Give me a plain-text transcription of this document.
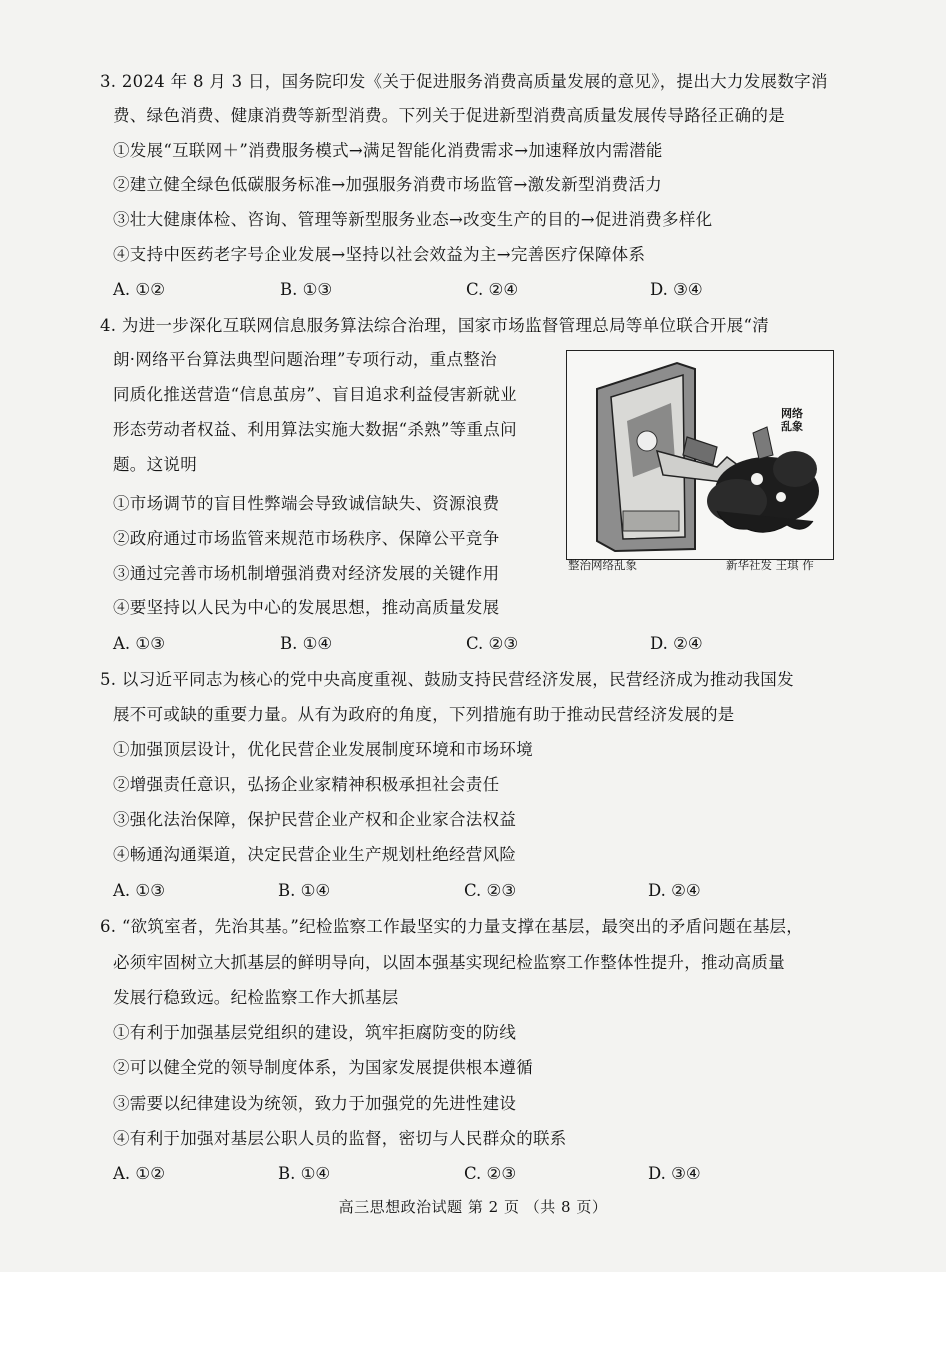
3. 2024 年 8 月 3 日，国务院印发《关于促进服务消费高质量发展的意见》，提出大力发展数字消
费、绿色消费、健康消费等新型消费。下列关于促进新型消费高质量发展传导路径正确的是
①发展“互联网＋”消费服务模式→满足智能化消费需求→加速释放内需潜能
②建立健全绿色低碳服务标准→加强服务消费市场监管→激发新型消费活力
③壮大健康体检、咨询、管理等新型服务业态→改变生产的目的→促进消费多样化
④支持中医药老字号企业发展→坚持以社会效益为主→完善医疗保障体系
A. ①②	B. ①③	C. ②④	D. ③④
4. 为进一步深化互联网信息服务算法综合治理，国家市场监督管理总局等单位联合开展“清
朗·网络平台算法典型问题治理”专项行动，重点整治
同质化推送营造“信息茧房”、盲目追求利益侵害新就业
形态劳动者权益、利用算法实施大数据“杀熟”等重点问
题。这说明
①市场调节的盲目性弊端会导致诚信缺失、资源浪费
②政府通过市场监管来规范市场秩序、保障公平竞争
③通过完善市场机制增强消费对经济发展的关键作用
④要坚持以人民为中心的发展思想，推动高质量发展
A. ①③	B. ①④	C. ②③	D. ②④
网络乱象
整治网络乱象	新华社发 王琪 作
5. 以习近平同志为核心的党中央高度重视、鼓励支持民营经济发展，民营经济成为推动我国发
展不可或缺的重要力量。从有为政府的角度，下列措施有助于推动民营经济发展的是
①加强顶层设计，优化民营企业发展制度环境和市场环境
②增强责任意识，弘扬企业家精神积极承担社会责任
③强化法治保障，保护民营企业产权和企业家合法权益
④畅通沟通渠道，决定民营企业生产规划杜绝经营风险
A. ①③	B. ①④	C. ②③	D. ②④
6. “欲筑室者，先治其基。”纪检监察工作最坚实的力量支撑在基层，最突出的矛盾问题在基层，
必须牢固树立大抓基层的鲜明导向，以固本强基实现纪检监察工作整体性提升，推动高质量
发展行稳致远。纪检监察工作大抓基层
①有利于加强基层党组织的建设，筑牢拒腐防变的防线
②可以健全党的领导制度体系，为国家发展提供根本遵循
③需要以纪律建设为统领，致力于加强党的先进性建设
④有利于加强对基层公职人员的监督，密切与人民群众的联系
A. ①②	B. ①④	C. ②③	D. ③④
高三思想政治试题 第 2 页 （共 8 页）
